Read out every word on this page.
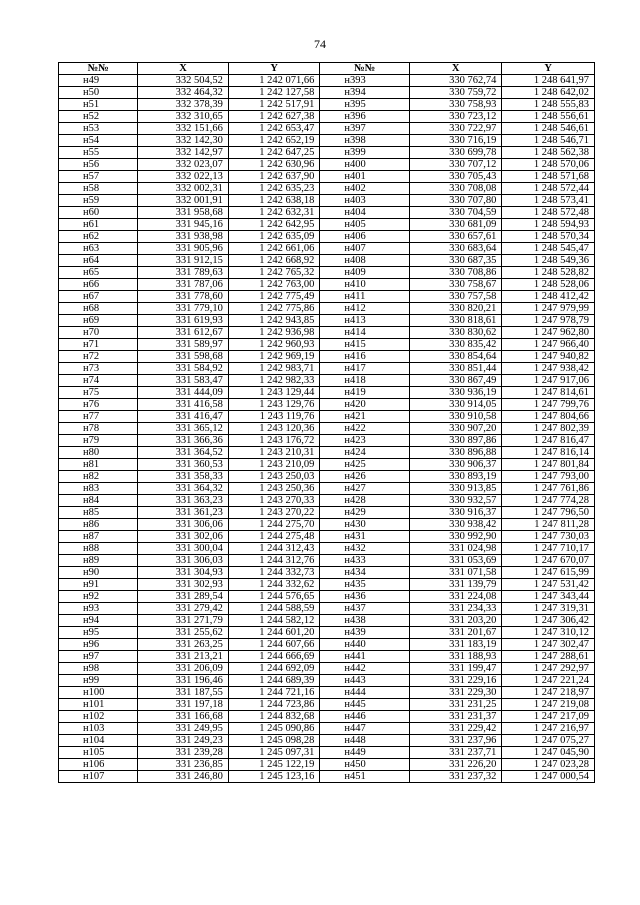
74
№№	X	Y	№№	X	Y
н49	332 504,52	1 242 071,66	н393	330 762,74	1 248 641,97
н50	332 464,32	1 242 127,58	н394	330 759,72	1 248 642,02
н51	332 378,39	1 242 517,91	н395	330 758,93	1 248 555,83
н52	332 310,65	1 242 627,38	н396	330 723,12	1 248 556,61
н53	332 151,66	1 242 653,47	н397	330 722,97	1 248 546,61
н54	332 142,30	1 242 652,19	н398	330 716,19	1 248 546,71
н55	332 142,97	1 242 647,25	н399	330 699,78	1 248 562,38
н56	332 023,07	1 242 630,96	н400	330 707,12	1 248 570,06
н57	332 022,13	1 242 637,90	н401	330 705,43	1 248 571,68
н58	332 002,31	1 242 635,23	н402	330 708,08	1 248 572,44
н59	332 001,91	1 242 638,18	н403	330 707,80	1 248 573,41
н60	331 958,68	1 242 632,31	н404	330 704,59	1 248 572,48
н61	331 945,16	1 242 642,95	н405	330 681,09	1 248 594,93
н62	331 938,98	1 242 635,09	н406	330 657,61	1 248 570,34
н63	331 905,96	1 242 661,06	н407	330 683,64	1 248 545,47
н64	331 912,15	1 242 668,92	н408	330 687,35	1 248 549,36
н65	331 789,63	1 242 765,32	н409	330 708,86	1 248 528,82
н66	331 787,06	1 242 763,00	н410	330 758,67	1 248 528,06
н67	331 778,60	1 242 775,49	н411	330 757,58	1 248 412,42
н68	331 779,10	1 242 775,86	н412	330 820,21	1 247 979,99
н69	331 619,93	1 242 943,85	н413	330 818,61	1 247 978,79
н70	331 612,67	1 242 936,98	н414	330 830,62	1 247 962,80
н71	331 589,97	1 242 960,93	н415	330 835,42	1 247 966,40
н72	331 598,68	1 242 969,19	н416	330 854,64	1 247 940,82
н73	331 584,92	1 242 983,71	н417	330 851,44	1 247 938,42
н74	331 583,47	1 242 982,33	н418	330 867,49	1 247 917,06
н75	331 444,09	1 243 129,44	н419	330 936,19	1 247 814,61
н76	331 416,58	1 243 129,76	н420	330 914,05	1 247 799,76
н77	331 416,47	1 243 119,76	н421	330 910,58	1 247 804,66
н78	331 365,12	1 243 120,36	н422	330 907,20	1 247 802,39
н79	331 366,36	1 243 176,72	н423	330 897,86	1 247 816,47
н80	331 364,52	1 243 210,31	н424	330 896,88	1 247 816,14
н81	331 360,53	1 243 210,09	н425	330 906,37	1 247 801,84
н82	331 358,33	1 243 250,03	н426	330 893,19	1 247 793,00
н83	331 364,32	1 243 250,36	н427	330 913,85	1 247 761,86
н84	331 363,23	1 243 270,33	н428	330 932,57	1 247 774,28
н85	331 361,23	1 243 270,22	н429	330 916,37	1 247 796,50
н86	331 306,06	1 244 275,70	н430	330 938,42	1 247 811,28
н87	331 302,06	1 244 275,48	н431	330 992,90	1 247 730,03
н88	331 300,04	1 244 312,43	н432	331 024,98	1 247 710,17
н89	331 306,03	1 244 312,76	н433	331 053,69	1 247 670,07
н90	331 304,93	1 244 332,73	н434	331 071,58	1 247 615,99
н91	331 302,93	1 244 332,62	н435	331 139,79	1 247 531,42
н92	331 289,54	1 244 576,65	н436	331 224,08	1 247 343,44
н93	331 279,42	1 244 588,59	н437	331 234,33	1 247 319,31
н94	331 271,79	1 244 582,12	н438	331 203,20	1 247 306,42
н95	331 255,62	1 244 601,20	н439	331 201,67	1 247 310,12
н96	331 263,25	1 244 607,66	н440	331 183,19	1 247 302,47
н97	331 213,21	1 244 666,69	н441	331 188,93	1 247 288,61
н98	331 206,09	1 244 692,09	н442	331 199,47	1 247 292,97
н99	331 196,46	1 244 689,39	н443	331 229,16	1 247 221,24
н100	331 187,55	1 244 721,16	н444	331 229,30	1 247 218,97
н101	331 197,18	1 244 723,86	н445	331 231,25	1 247 219,08
н102	331 166,68	1 244 832,68	н446	331 231,37	1 247 217,09
н103	331 249,95	1 245 090,86	н447	331 229,42	1 247 216,97
н104	331 249,23	1 245 098,28	н448	331 237,96	1 247 075,27
н105	331 239,28	1 245 097,31	н449	331 237,71	1 247 045,90
н106	331 236,85	1 245 122,19	н450	331 226,20	1 247 023,28
н107	331 246,80	1 245 123,16	н451	331 237,32	1 247 000,54
